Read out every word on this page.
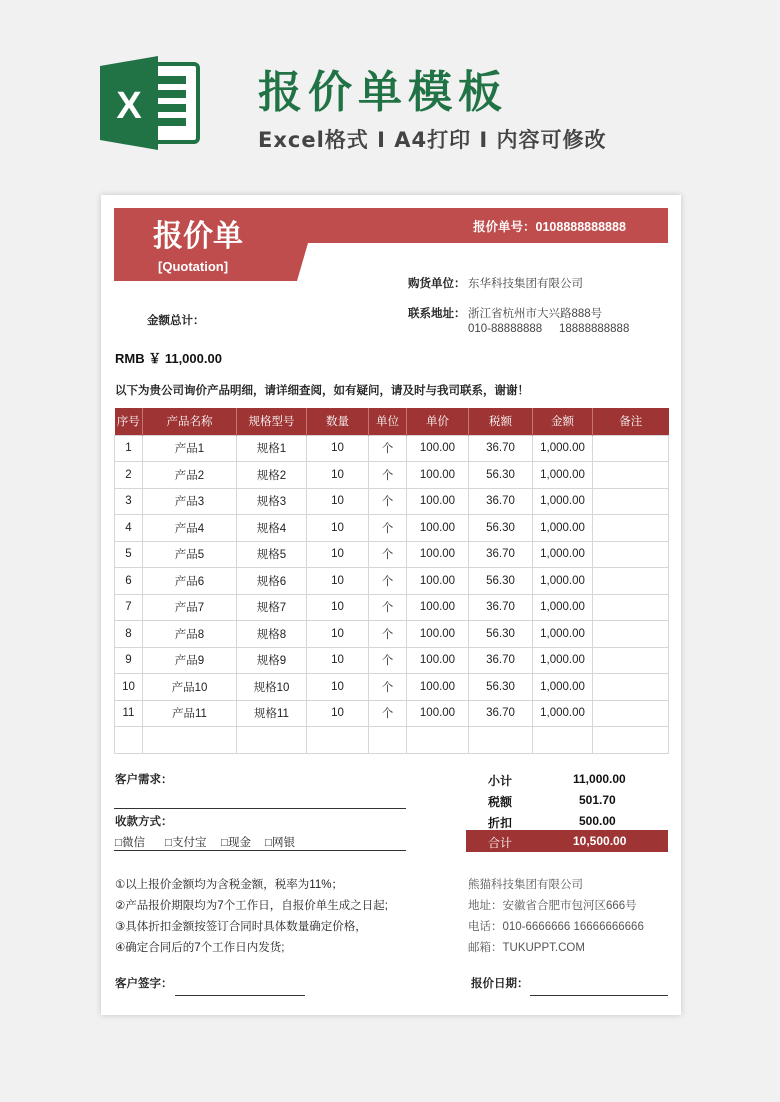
X	报价单模板
Excel格式 I A4打印 I 内容可修改
报价单
[Quotation]
报价单号：0108888888888
购货单位： 东华科技集团有限公司
联系地址： 浙江省杭州市大兴路888号
010-88888888 18888888888
金额总计：
RMB ￥ 11,000.00
以下为贵公司询价产品明细，请详细查阅，如有疑问，请及时与我司联系，谢谢！
序号	产品名称	规格型号	数量	单位	单价	税额	金额	备注
1	产品1	规格1	10	个	100.00	36.70	1,000.00	
2	产品2	规格2	10	个	100.00	56.30	1,000.00	
3	产品3	规格3	10	个	100.00	36.70	1,000.00	
4	产品4	规格4	10	个	100.00	56.30	1,000.00	
5	产品5	规格5	10	个	100.00	36.70	1,000.00	
6	产品6	规格6	10	个	100.00	56.30	1,000.00	
7	产品7	规格7	10	个	100.00	36.70	1,000.00	
8	产品8	规格8	10	个	100.00	56.30	1,000.00	
9	产品9	规格9	10	个	100.00	36.70	1,000.00	
10	产品10	规格10	10	个	100.00	56.30	1,000.00	
11	产品11	规格11	10	个	100.00	36.70	1,000.00	

客户需求：
收款方式：
□微信 □支付宝 □现金 □网银
小计	11,000.00
税额	501.70
折扣	500.00
合计	10,500.00
①以上报价金额均为含税金额，税率为11%；
②产品报价期限均为7个工作日，自报价单生成之日起;
③具体折扣金额按签订合同时具体数量确定价格，
④确定合同后的7个工作日内发货;
熊猫科技集团有限公司
地址：安徽省合肥市包河区666号
电话：010-6666666 16666666666
邮箱：TUKUPPT.COM
客户签字：	报价日期：
